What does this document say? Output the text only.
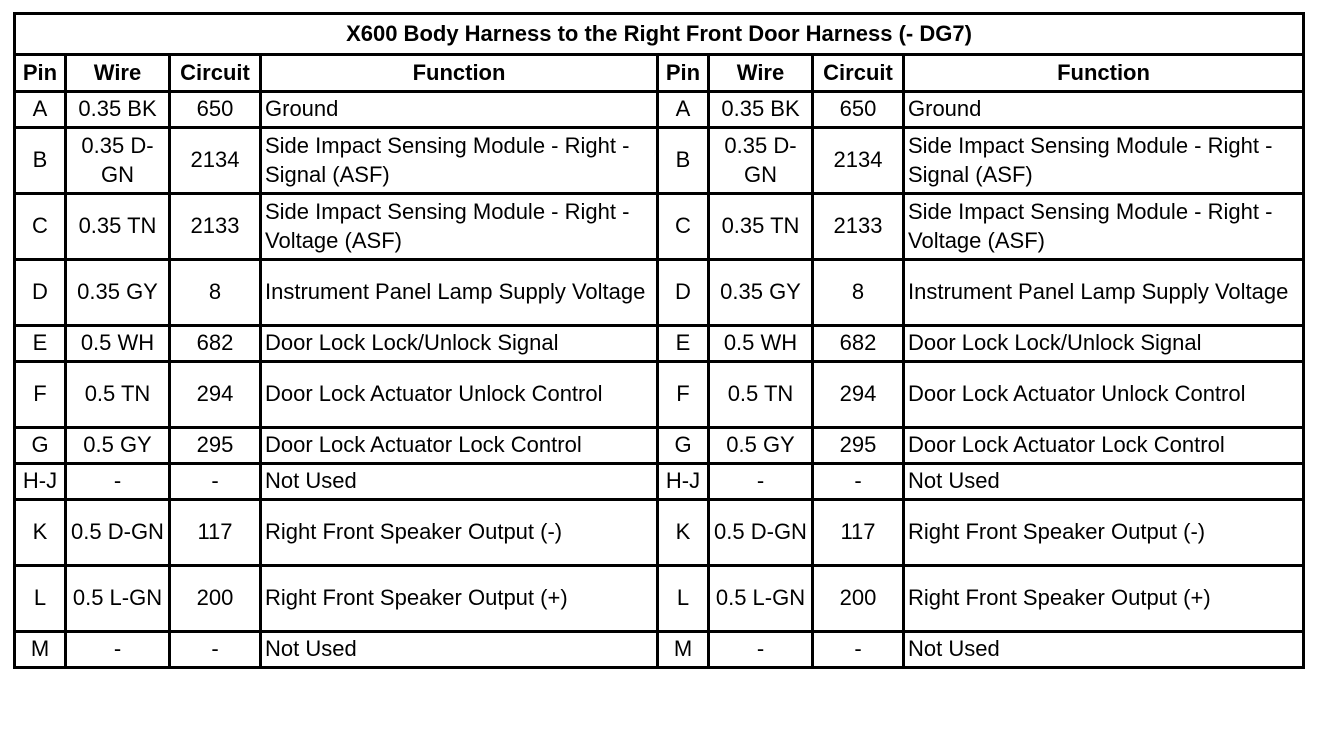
X600 Body Harness to the Right Front Door Harness (- DG7)							
Pin	Wire	Circuit	Function	Pin	Wire	Circuit	Function
A	0.35 BK	650	Ground	A	0.35 BK	650	Ground
B	0.35 D-GN	2134	Side Impact Sensing Module - Right - Signal (ASF)	B	0.35 D-GN	2134	Side Impact Sensing Module - Right - Signal (ASF)
C	0.35 TN	2133	Side Impact Sensing Module - Right - Voltage (ASF)	C	0.35 TN	2133	Side Impact Sensing Module - Right - Voltage (ASF)
D	0.35 GY	8	Instrument Panel Lamp Supply Voltage	D	0.35 GY	8	Instrument Panel Lamp Supply Voltage
E	0.5 WH	682	Door Lock Lock/Unlock Signal	E	0.5 WH	682	Door Lock Lock/Unlock Signal
F	0.5 TN	294	Door Lock Actuator Unlock Control	F	0.5 TN	294	Door Lock Actuator Unlock Control
G	0.5 GY	295	Door Lock Actuator Lock Control	G	0.5 GY	295	Door Lock Actuator Lock Control
H-J	-	-	Not Used	H-J	-	-	Not Used
K	0.5 D-GN	117	Right Front Speaker Output (-)	K	0.5 D-GN	117	Right Front Speaker Output (-)
L	0.5 L-GN	200	Right Front Speaker Output (+)	L	0.5 L-GN	200	Right Front Speaker Output (+)
M	-	-	Not Used	M	-	-	Not Used
